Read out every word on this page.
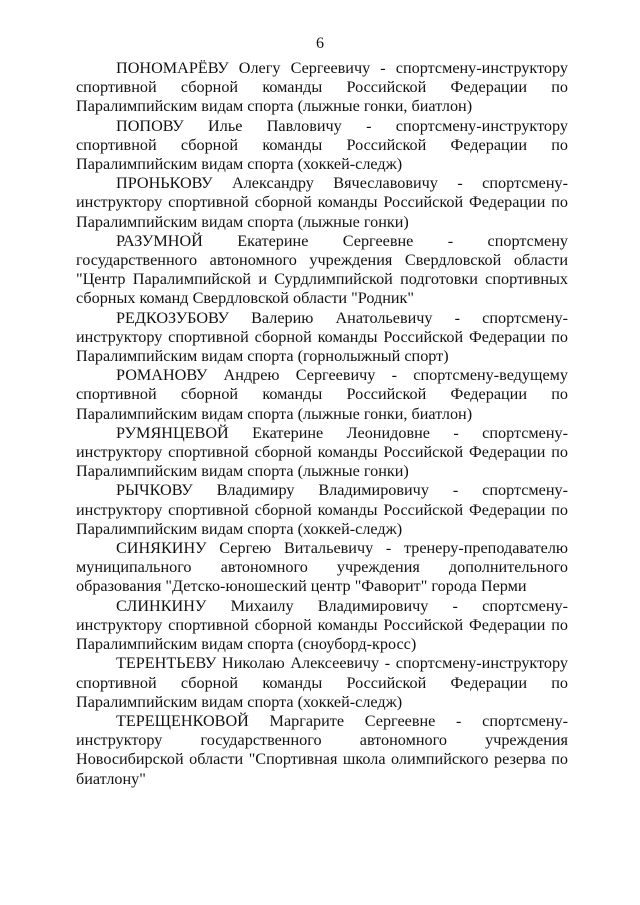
6

ПОНОМАРЁВУ Олегу Сергеевичу - спортсмену-инструктору спортивной сборной команды Российской Федерации по Паралимпийским видам спорта (лыжные гонки, биатлон)

ПОПОВУ Илье Павловичу - спортсмену-инструктору спортивной сборной команды Российской Федерации по Паралимпийским видам спорта (хоккей-следж)

ПРОНЬКОВУ Александру Вячеславовичу - спортсмену-инструктору спортивной сборной команды Российской Федерации по Паралимпийским видам спорта (лыжные гонки)

РАЗУМНОЙ Екатерине Сергеевне - спортсмену государственного автономного учреждения Свердловской области "Центр Паралимпийской и Сурдлимпийской подготовки спортивных сборных команд Свердловской области "Родник"

РЕДКОЗУБОВУ Валерию Анатольевичу - спортсмену-инструктору спортивной сборной команды Российской Федерации по Паралимпийским видам спорта (горнолыжный спорт)

РОМАНОВУ Андрею Сергеевичу - спортсмену-ведущему спортивной сборной команды Российской Федерации по Паралимпийским видам спорта (лыжные гонки, биатлон)

РУМЯНЦЕВОЙ Екатерине Леонидовне - спортсмену-инструктору спортивной сборной команды Российской Федерации по Паралимпийским видам спорта (лыжные гонки)

РЫЧКОВУ Владимиру Владимировичу - спортсмену-инструктору спортивной сборной команды Российской Федерации по Паралимпийским видам спорта (хоккей-следж)

СИНЯКИНУ Сергею Витальевичу - тренеру-преподавателю муниципального автономного учреждения дополнительного образования "Детско-юношеский центр "Фаворит" города Перми

СЛИНКИНУ Михаилу Владимировичу - спортсмену-инструктору спортивной сборной команды Российской Федерации по Паралимпийским видам спорта (сноуборд-кросс)

ТЕРЕНТЬЕВУ Николаю Алексеевичу - спортсмену-инструктору спортивной сборной команды Российской Федерации по Паралимпийским видам спорта (хоккей-следж)

ТЕРЕЩЕНКОВОЙ Маргарите Сергеевне - спортсмену-инструктору государственного автономного учреждения Новосибирской области "Спортивная школа олимпийского резерва по биатлону"
